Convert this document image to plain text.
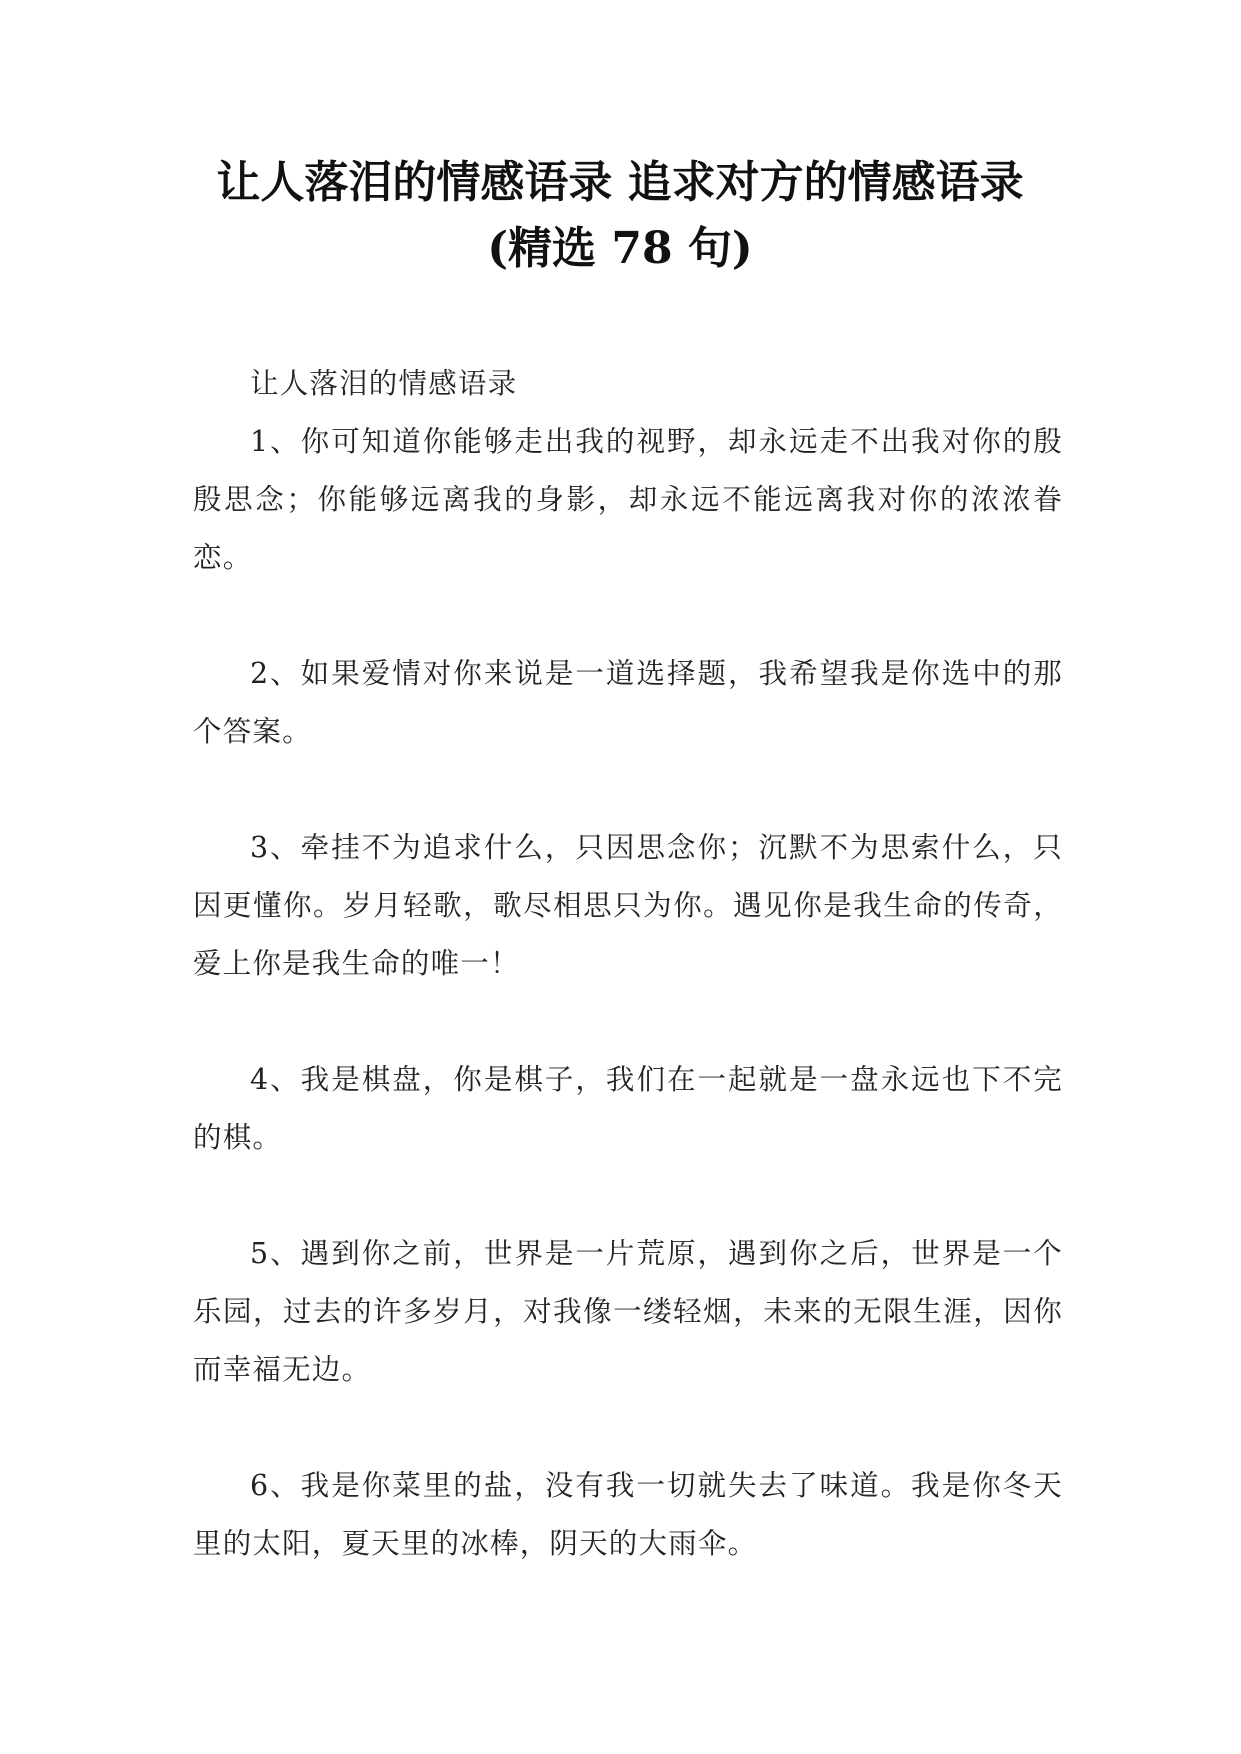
让人落泪的情感语录 追求对方的情感语录
(精选 78 句)

让人落泪的情感语录

1、你可知道你能够走出我的视野，却永远走不出我对你的殷殷思念；你能够远离我的身影，却永远不能远离我对你的浓浓眷恋。

2、如果爱情对你来说是一道选择题，我希望我是你选中的那个答案。

3、牵挂不为追求什么，只因思念你；沉默不为思索什么，只因更懂你。岁月轻歌，歌尽相思只为你。遇见你是我生命的传奇，爱上你是我生命的唯一！

4、我是棋盘，你是棋子，我们在一起就是一盘永远也下不完的棋。

5、遇到你之前，世界是一片荒原，遇到你之后，世界是一个乐园，过去的许多岁月，对我像一缕轻烟，未来的无限生涯，因你而幸福无边。

6、我是你菜里的盐，没有我一切就失去了味道。我是你冬天里的太阳，夏天里的冰棒，阴天的大雨伞。
